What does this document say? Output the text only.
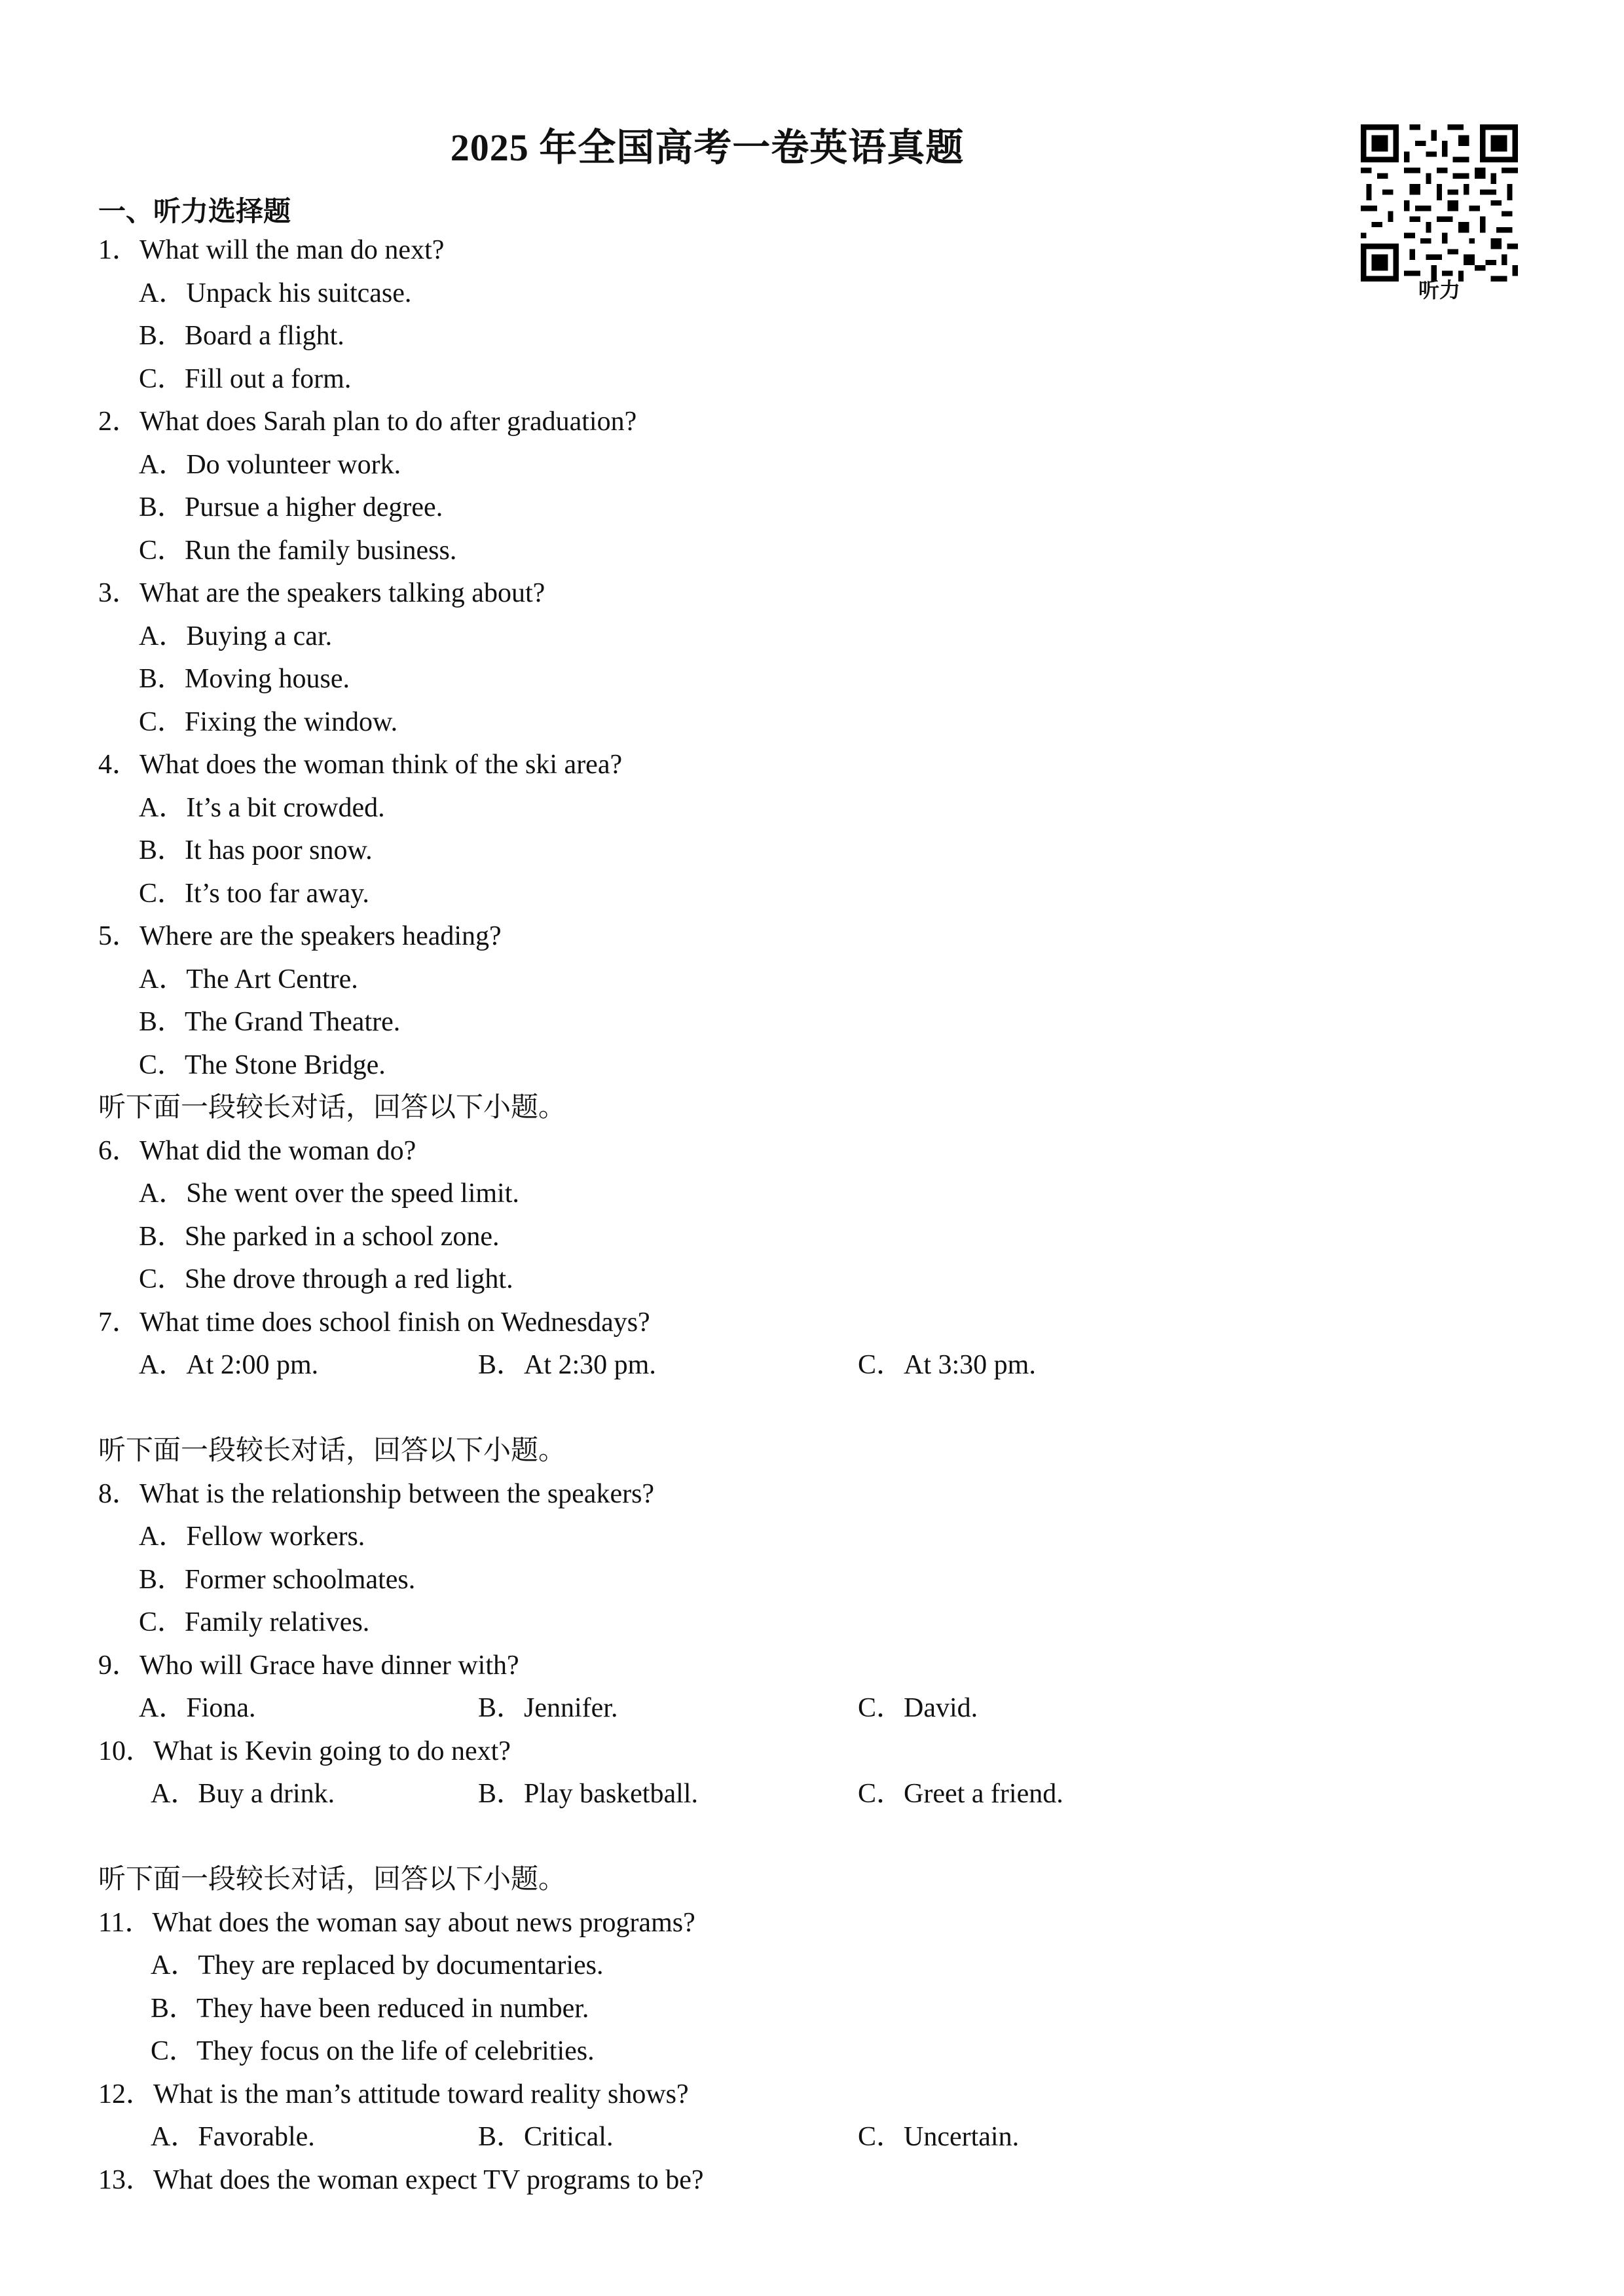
2025 年全国高考一卷英语真题
听力
一、听力选择题
1．What will the man do next?
A．Unpack his suitcase.
B．Board a flight.
C．Fill out a form.
2．What does Sarah plan to do after graduation?
A．Do volunteer work.
B．Pursue a higher degree.
C．Run the family business.
3．What are the speakers talking about?
A．Buying a car.
B．Moving house.
C．Fixing the window.
4．What does the woman think of the ski area?
A．It’s a bit crowded.
B．It has poor snow.
C．It’s too far away.
5．Where are the speakers heading?
A．The Art Centre.
B．The Grand Theatre.
C．The Stone Bridge.
听下面一段较长对话，回答以下小题。
6．What did the woman do?
A．She went over the speed limit.
B．She parked in a school zone.
C．She drove through a red light.
7．What time does school finish on Wednesdays?
A．At 2:00 pm.	B．At 2:30 pm.	C．At 3:30 pm.
听下面一段较长对话，回答以下小题。
8．What is the relationship between the speakers?
A．Fellow workers.
B．Former schoolmates.
C．Family relatives.
9．Who will Grace have dinner with?
A．Fiona.	B．Jennifer.	C．David.
10．What is Kevin going to do next?
A．Buy a drink.	B．Play basketball.	C．Greet a friend.
听下面一段较长对话，回答以下小题。
11．What does the woman say about news programs?
A．They are replaced by documentaries.
B．They have been reduced in number.
C．They focus on the life of celebrities.
12．What is the man’s attitude toward reality shows?
A．Favorable.	B．Critical.	C．Uncertain.
13．What does the woman expect TV programs to be?
